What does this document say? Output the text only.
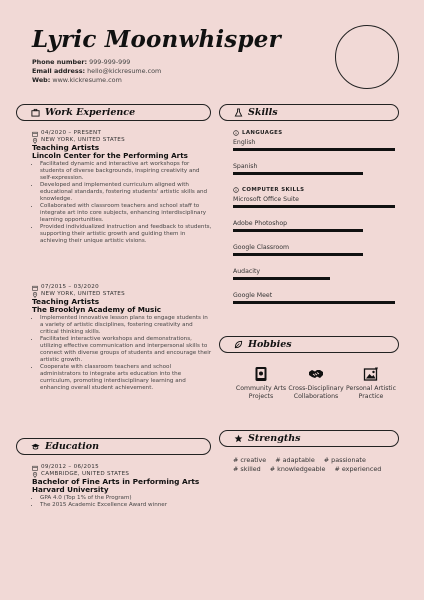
Lyric Moonwhisper
Phone number: 999-999-999
Email address: hello@kickresume.com
Web: www.kickresume.com
Work Experience
04/2020 – PRESENT
NEW YORK, UNITED STATES
Teaching Artists
Lincoln Center for the Performing Arts
• Facilitated dynamic and interactive art workshops for students of diverse backgrounds, inspiring creativity and self-expression.
• Developed and implemented curriculum aligned with educational standards, fostering students' artistic skills and knowledge.
• Collaborated with classroom teachers and school staff to integrate art into core subjects, enhancing interdisciplinary learning opportunities.
• Provided individualized instruction and feedback to students, supporting their artistic growth and guiding them in achieving their unique artistic visions.
07/2015 – 03/2020
NEW YORK, UNITED STATES
Teaching Artists
The Brooklyn Academy of Music
• Implemented innovative lesson plans to engage students in a variety of artistic disciplines, fostering creativity and critical thinking skills.
• Facilitated interactive workshops and demonstrations, utilizing effective communication and interpersonal skills to connect with diverse groups of students and encourage their artistic growth.
• Cooperate with classroom teachers and school administrators to integrate arts education into the curriculum, promoting interdisciplinary learning and enhancing overall student achievement.
Education
09/2012 – 06/2015
CAMBRIDGE, UNITED STATES
Bachelor of Fine Arts in Performing Arts
Harvard University
• GPA 4.0 (Top 1% of the Program)
• The 2015 Academic Excellence Award winner
Skills
LANGUAGES
English
Spanish
COMPUTER SKILLS
Microsoft Office Suite
Adobe Photoshop
Google Classroom
Audacity
Google Meet
Hobbies
Community Arts Projects
Cross-Disciplinary Collaborations
Personal Artistic Practice
Strengths
# creative # adaptable # passionate
# skilled # knowledgeable # experienced
